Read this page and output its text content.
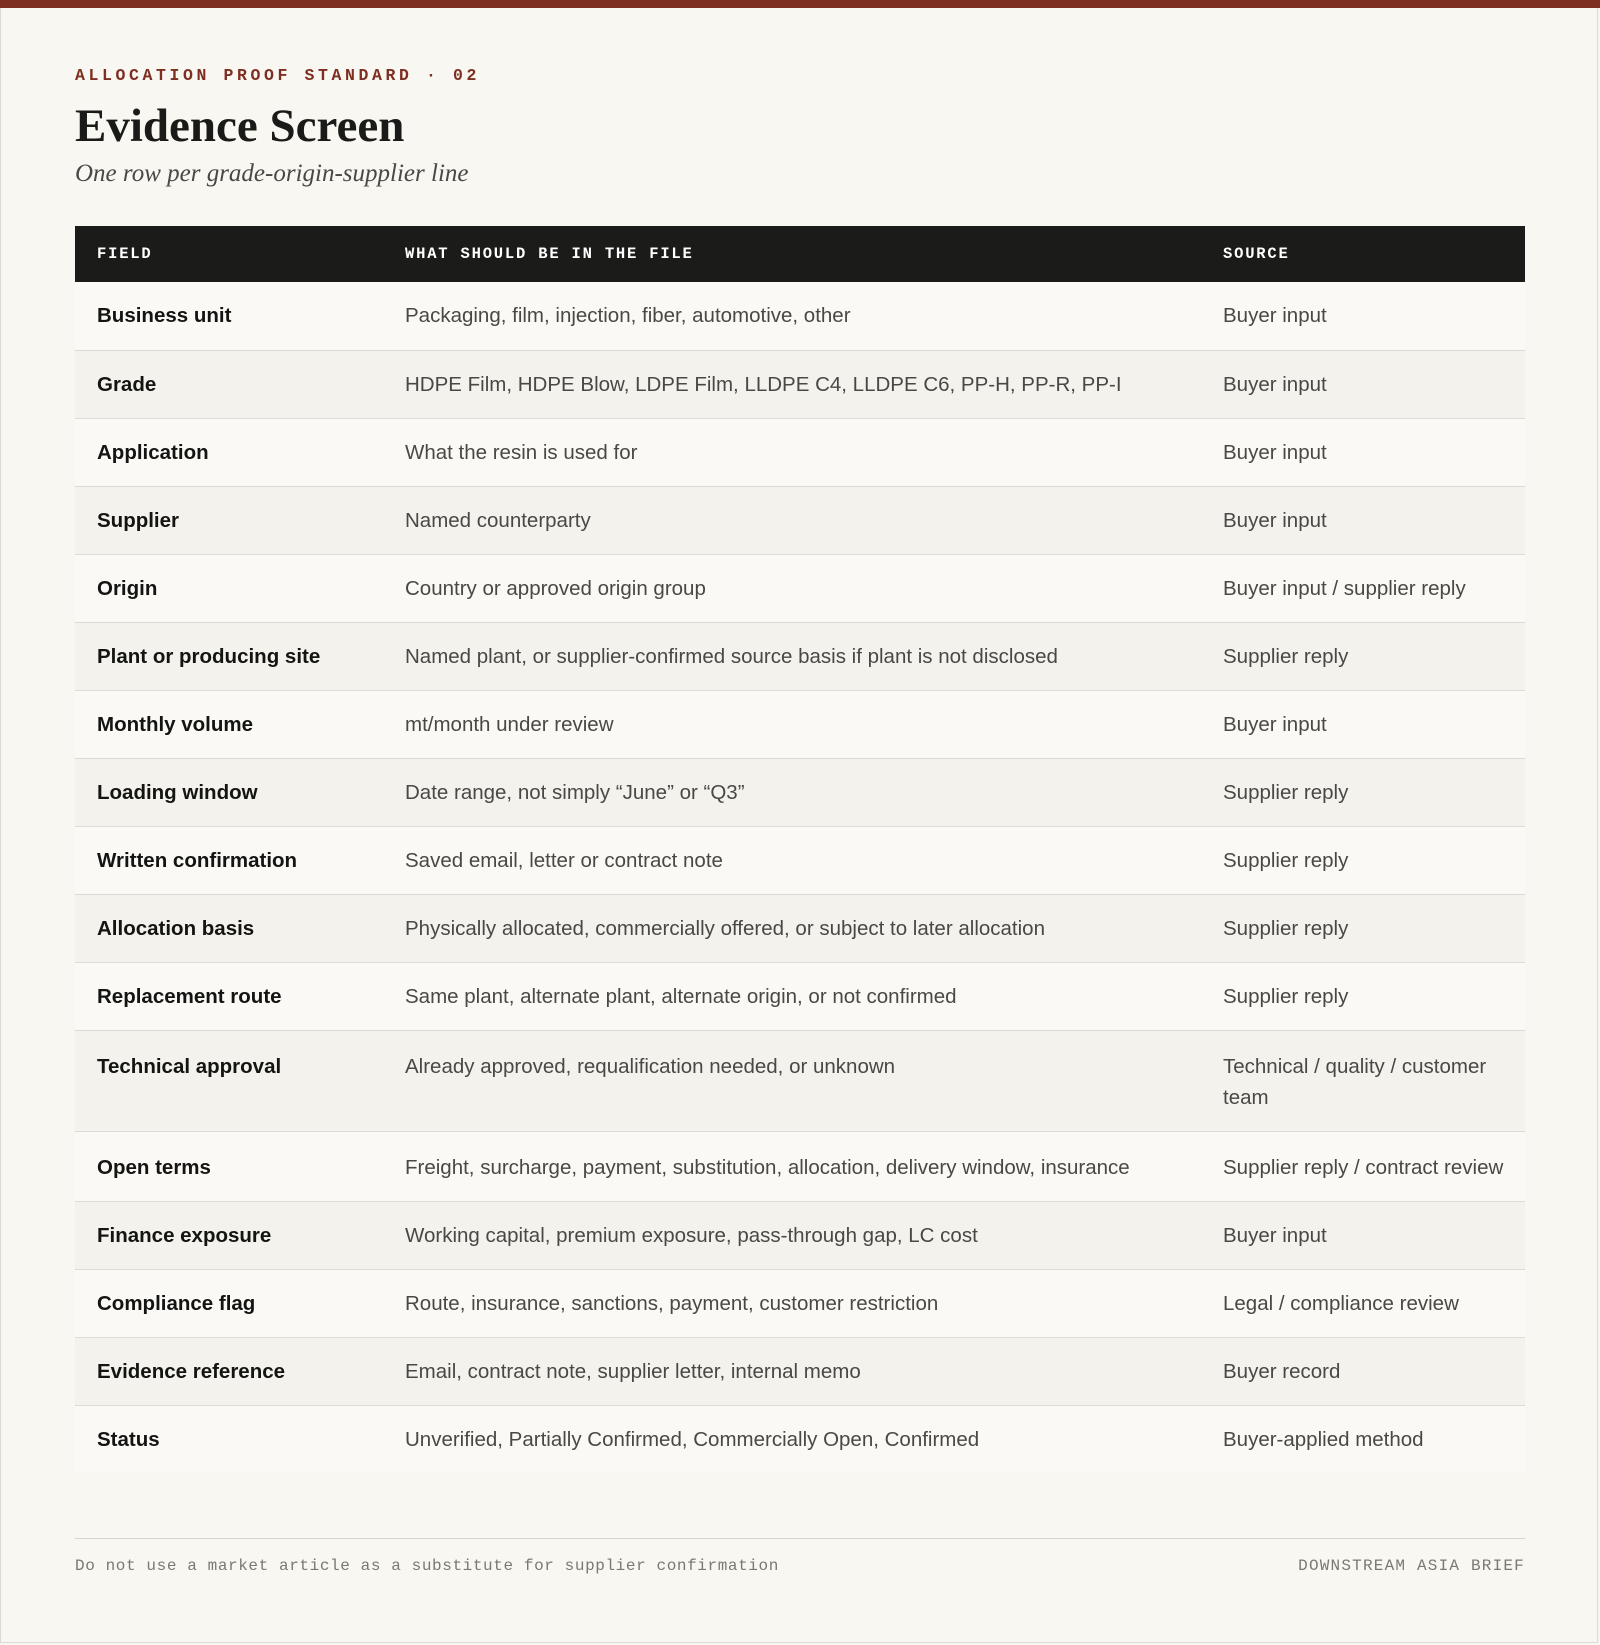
ALLOCATION PROOF STANDARD · 02
Evidence Screen
One row per grade-origin-supplier line
FIELD	WHAT SHOULD BE IN THE FILE	SOURCE
Business unit	Packaging, film, injection, fiber, automotive, other	Buyer input
Grade	HDPE Film, HDPE Blow, LDPE Film, LLDPE C4, LLDPE C6, PP-H, PP-R, PP-I	Buyer input
Application	What the resin is used for	Buyer input
Supplier	Named counterparty	Buyer input
Origin	Country or approved origin group	Buyer input / supplier reply
Plant or producing site	Named plant, or supplier-confirmed source basis if plant is not disclosed	Supplier reply
Monthly volume	mt/month under review	Buyer input
Loading window	Date range, not simply “June” or “Q3”	Supplier reply
Written confirmation	Saved email, letter or contract note	Supplier reply
Allocation basis	Physically allocated, commercially offered, or subject to later allocation	Supplier reply
Replacement route	Same plant, alternate plant, alternate origin, or not confirmed	Supplier reply
Technical approval	Already approved, requalification needed, or unknown	Technical / quality / customer team
Open terms	Freight, surcharge, payment, substitution, allocation, delivery window, insurance	Supplier reply / contract review
Finance exposure	Working capital, premium exposure, pass-through gap, LC cost	Buyer input
Compliance flag	Route, insurance, sanctions, payment, customer restriction	Legal / compliance review
Evidence reference	Email, contract note, supplier letter, internal memo	Buyer record
Status	Unverified, Partially Confirmed, Commercially Open, Confirmed	Buyer-applied method
Do not use a market article as a substitute for supplier confirmation	DOWNSTREAM ASIA BRIEF
